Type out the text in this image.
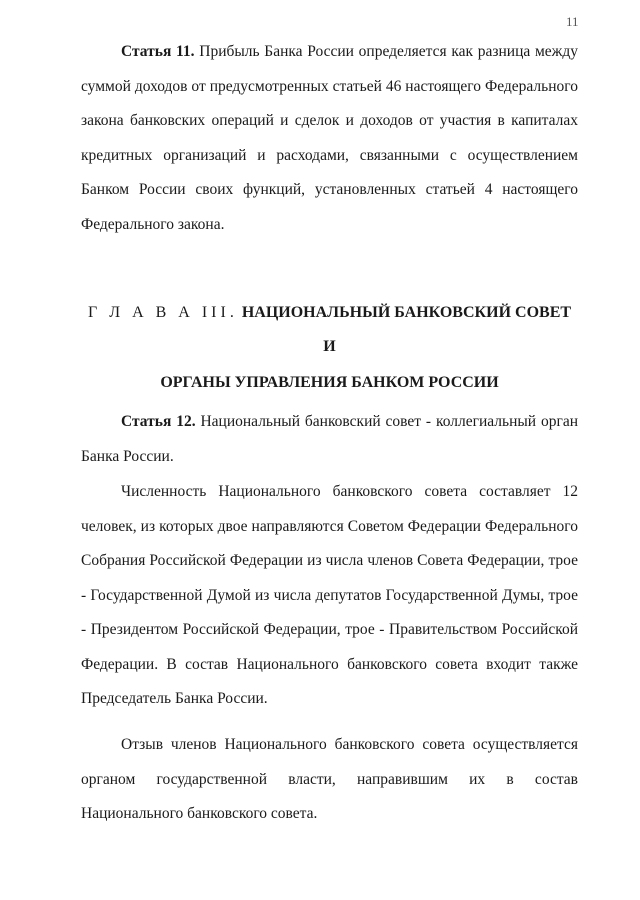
11

Статья 11. Прибыль Банка России определяется как разница между суммой доходов от предусмотренных статьей 46 настоящего Федерального закона банковских операций и сделок и доходов от участия в капиталах кредитных организаций и расходами, связанными с осуществлением Банком России своих функций, установленных статьей 4 настоящего Федерального закона.

Г Л А В А III. НАЦИОНАЛЬНЫЙ БАНКОВСКИЙ СОВЕТ И
ОРГАНЫ УПРАВЛЕНИЯ БАНКОМ РОССИИ

Статья 12. Национальный банковский совет - коллегиальный орган Банка России.

Численность Национального банковского совета составляет 12 человек, из которых двое направляются Советом Федерации Федерального Собрания Российской Федерации из числа членов Совета Федерации, трое - Государственной Думой из числа депутатов Государственной Думы, трое - Президентом Российской Федерации, трое - Правительством Российской Федерации. В состав Национального банковского совета входит также Председатель Банка России.

Отзыв членов Национального банковского совета осуществляется органом государственной власти, направившим их в состав Национального банковского совета.
